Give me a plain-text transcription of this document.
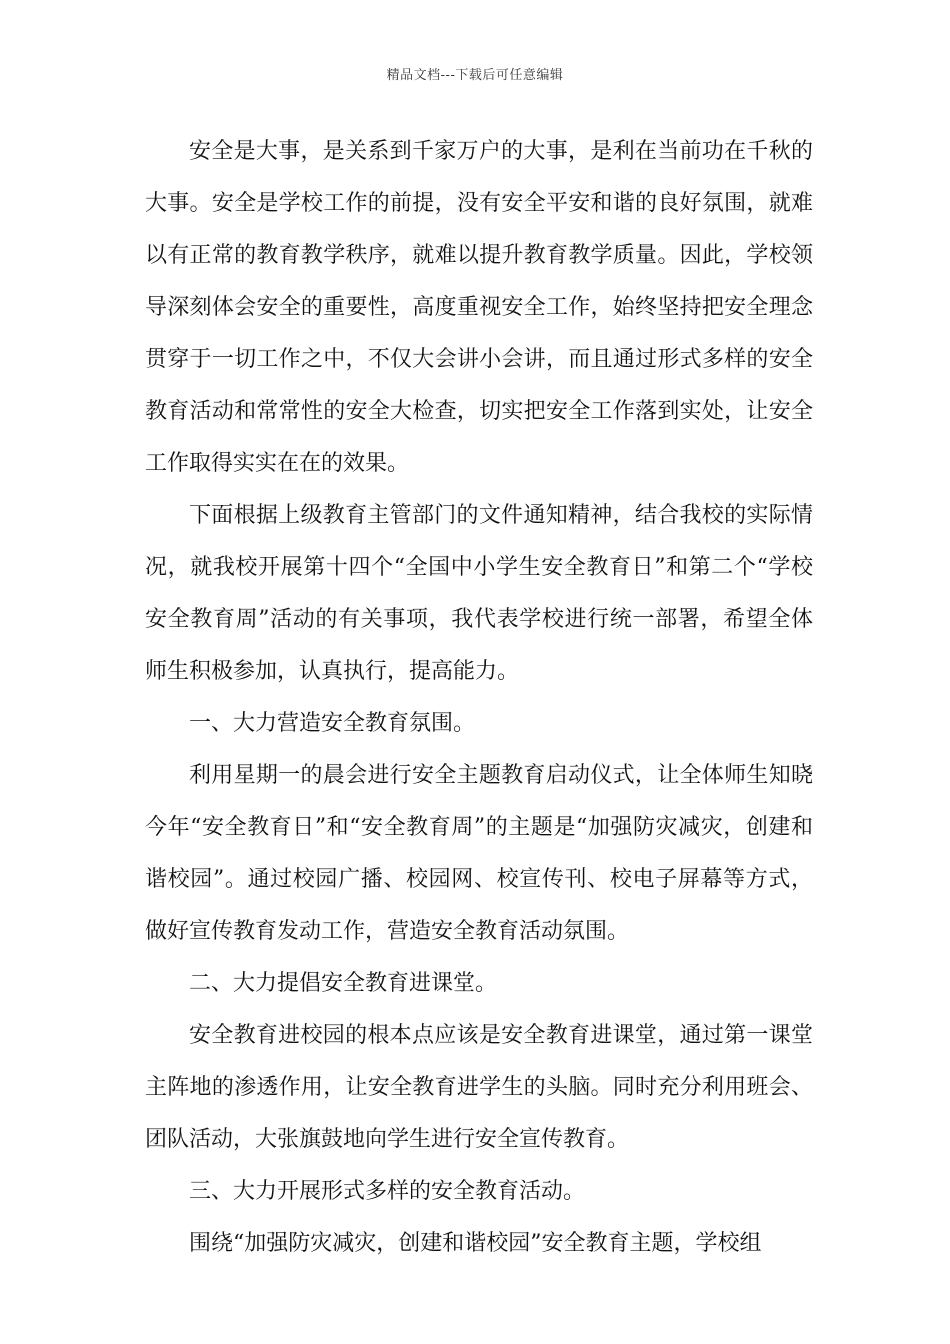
精品文档---下载后可任意编辑

安全是大事，是关系到千家万户的大事，是利在当前功在千秋的大事。安全是学校工作的前提，没有安全平安和谐的良好氛围，就难以有正常的教育教学秩序，就难以提升教育教学质量。因此，学校领导深刻体会安全的重要性，高度重视安全工作，始终坚持把安全理念贯穿于一切工作之中，不仅大会讲小会讲，而且通过形式多样的安全教育活动和常常性的安全大检查，切实把安全工作落到实处，让安全工作取得实实在在的效果。

下面根据上级教育主管部门的文件通知精神，结合我校的实际情况，就我校开展第十四个“全国中小学生安全教育日”和第二个“学校安全教育周”活动的有关事项，我代表学校进行统一部署，希望全体师生积极参加，认真执行，提高能力。

一、大力营造安全教育氛围。

利用星期一的晨会进行安全主题教育启动仪式，让全体师生知晓今年“安全教育日”和“安全教育周”的主题是“加强防灾减灾，创建和谐校园”。通过校园广播、校园网、校宣传刊、校电子屏幕等方式，做好宣传教育发动工作，营造安全教育活动氛围。

二、大力提倡安全教育进课堂。

安全教育进校园的根本点应该是安全教育进课堂，通过第一课堂主阵地的渗透作用，让安全教育进学生的头脑。同时充分利用班会、团队活动，大张旗鼓地向学生进行安全宣传教育。

三、大力开展形式多样的安全教育活动。

围绕“加强防灾减灾，创建和谐校园”安全教育主题，学校组
